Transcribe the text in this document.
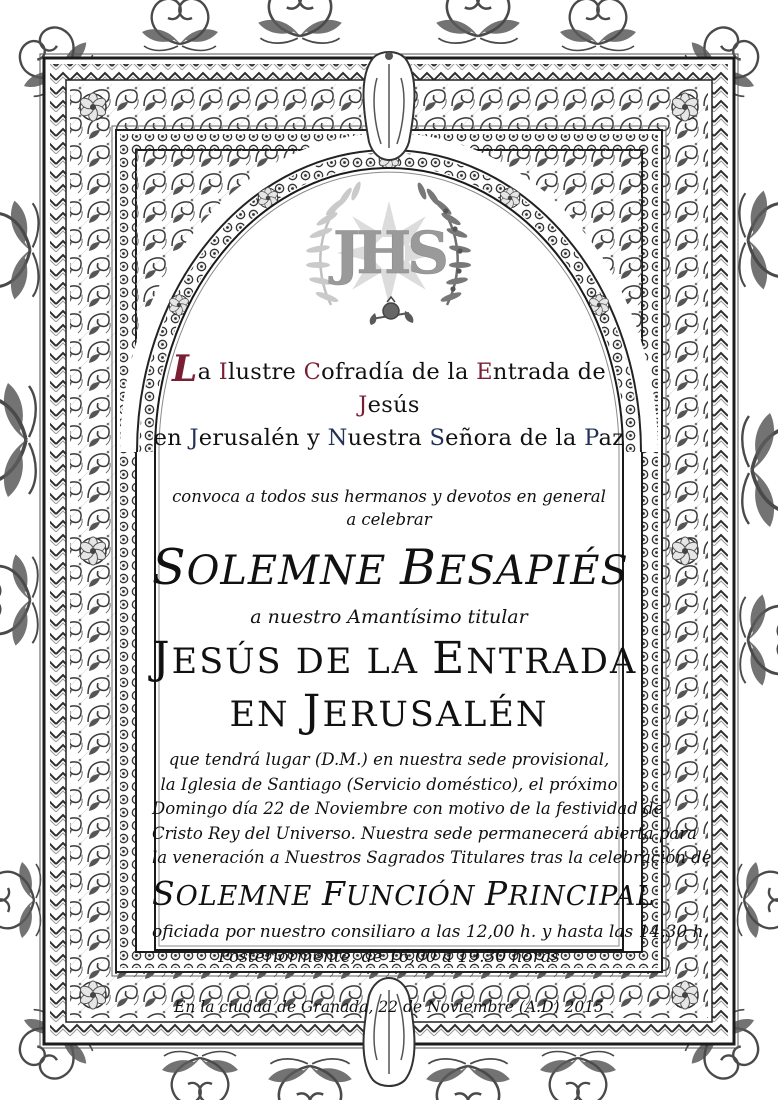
JHS
La Ilustre Cofradía de la Entrada de Jesús
en Jerusalén y Nuestra Señora de la Paz
convoca a todos sus hermanos y devotos en general
a celebrar
SOLEMNE BESAPIÉS
a nuestro Amantísimo titular
JESÚS DE LA ENTRADA
EN JERUSALÉN
que tendrá lugar (D.M.) en nuestra sede provisional,
la Iglesia de Santiago (Servicio doméstico), el próximo
Domingo día 22 de Noviembre con motivo de la festividad de
Cristo Rey del Universo. Nuestra sede permanecerá abierta para
la veneración a Nuestros Sagrados Titulares tras la celebración de
SOLEMNE FUNCIÓN PRINCIPAL
oficiada por nuestro consiliaro a las 12,00 h. y hasta las 14,30 h.
Posteriormente, de 16,00 a 19.30 horas
En la ciudad de Granada, 22 de Noviembre (A.D) 2015
